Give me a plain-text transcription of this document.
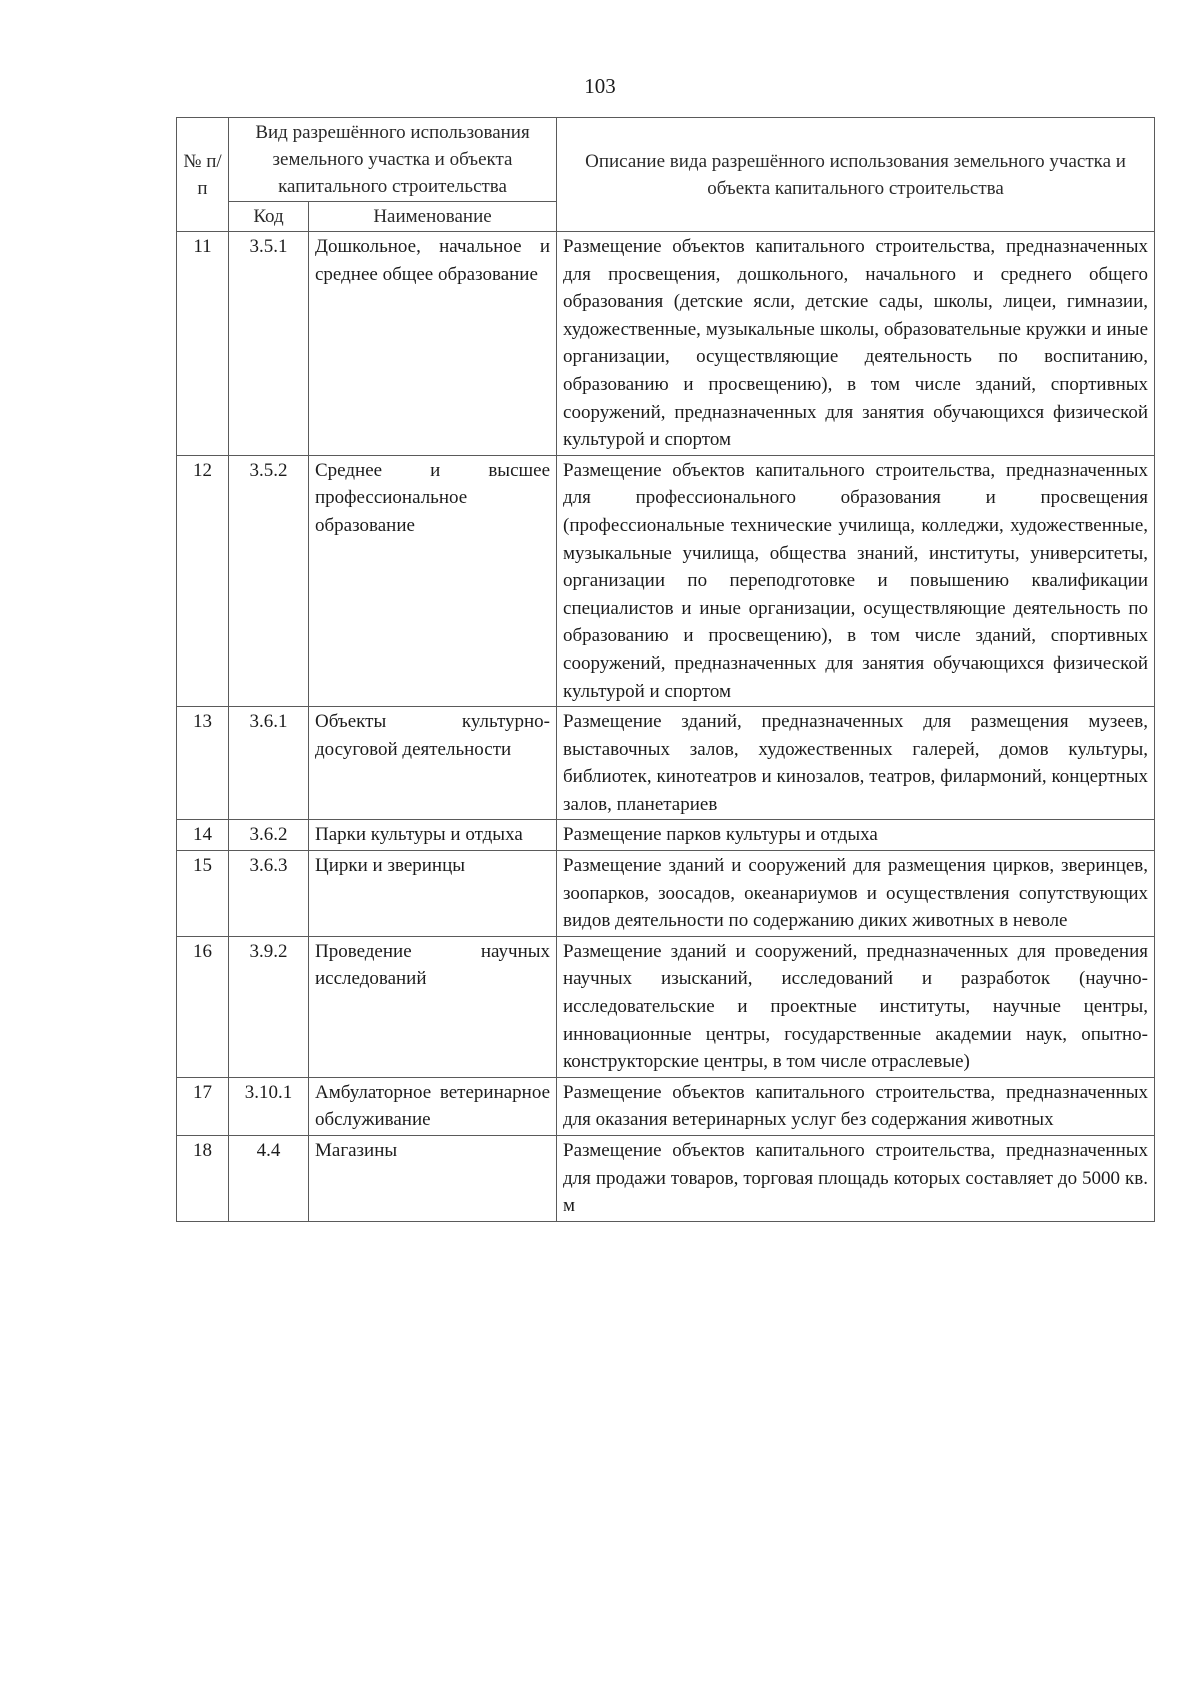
103
№ п/п	Вид разрешённого использования земельного участка и объекта капитального строительства		Описание вида разрешённого использования земельного участка и объекта капитального строительства
	Код	Наименование	
11	3.5.1	Дошкольное, начальное и среднее общее образование	Размещение объектов капитального строительства, предназначенных для просвещения, дошкольного, начального и среднего общего образования (детские ясли, детские сады, школы, лицеи, гимназии, художественные, музыкальные школы, образовательные кружки и иные организации, осуществляющие деятельность по воспитанию, образованию и просвещению), в том числе зданий, спортивных сооружений, предназначенных для занятия обучающихся физической культурой и спортом
12	3.5.2	Среднее и высшее профессиональное образование	Размещение объектов капитального строительства, предназначенных для профессионального образования и просвещения (профессиональные технические училища, колледжи, художественные, музыкальные училища, общества знаний, институты, университеты, организации по переподготовке и повышению квалификации специалистов и иные организации, осуществляющие деятельность по образованию и просвещению), в том числе зданий, спортивных сооружений, предназначенных для занятия обучающихся физической культурой и спортом
13	3.6.1	Объекты культурно-досуговой деятельности	Размещение зданий, предназначенных для размещения музеев, выставочных залов, художественных галерей, домов культуры, библиотек, кинотеатров и кинозалов, театров, филармоний, концертных залов, планетариев
14	3.6.2	Парки культуры и отдыха	Размещение парков культуры и отдыха
15	3.6.3	Цирки и зверинцы	Размещение зданий и сооружений для размещения цирков, зверинцев, зоопарков, зоосадов, океанариумов и осуществления сопутствующих видов деятельности по содержанию диких животных в неволе
16	3.9.2	Проведение научных исследований	Размещение зданий и сооружений, предназначенных для проведения научных изысканий, исследований и разработок (научно-исследовательские и проектные институты, научные центры, инновационные центры, государственные академии наук, опытно-конструкторские центры, в том числе отраслевые)
17	3.10.1	Амбулаторное ветеринарное обслуживание	Размещение объектов капитального строительства, предназначенных для оказания ветеринарных услуг без содержания животных
18	4.4	Магазины	Размещение объектов капитального строительства, предназначенных для продажи товаров, торговая площадь которых составляет до 5000 кв. м
